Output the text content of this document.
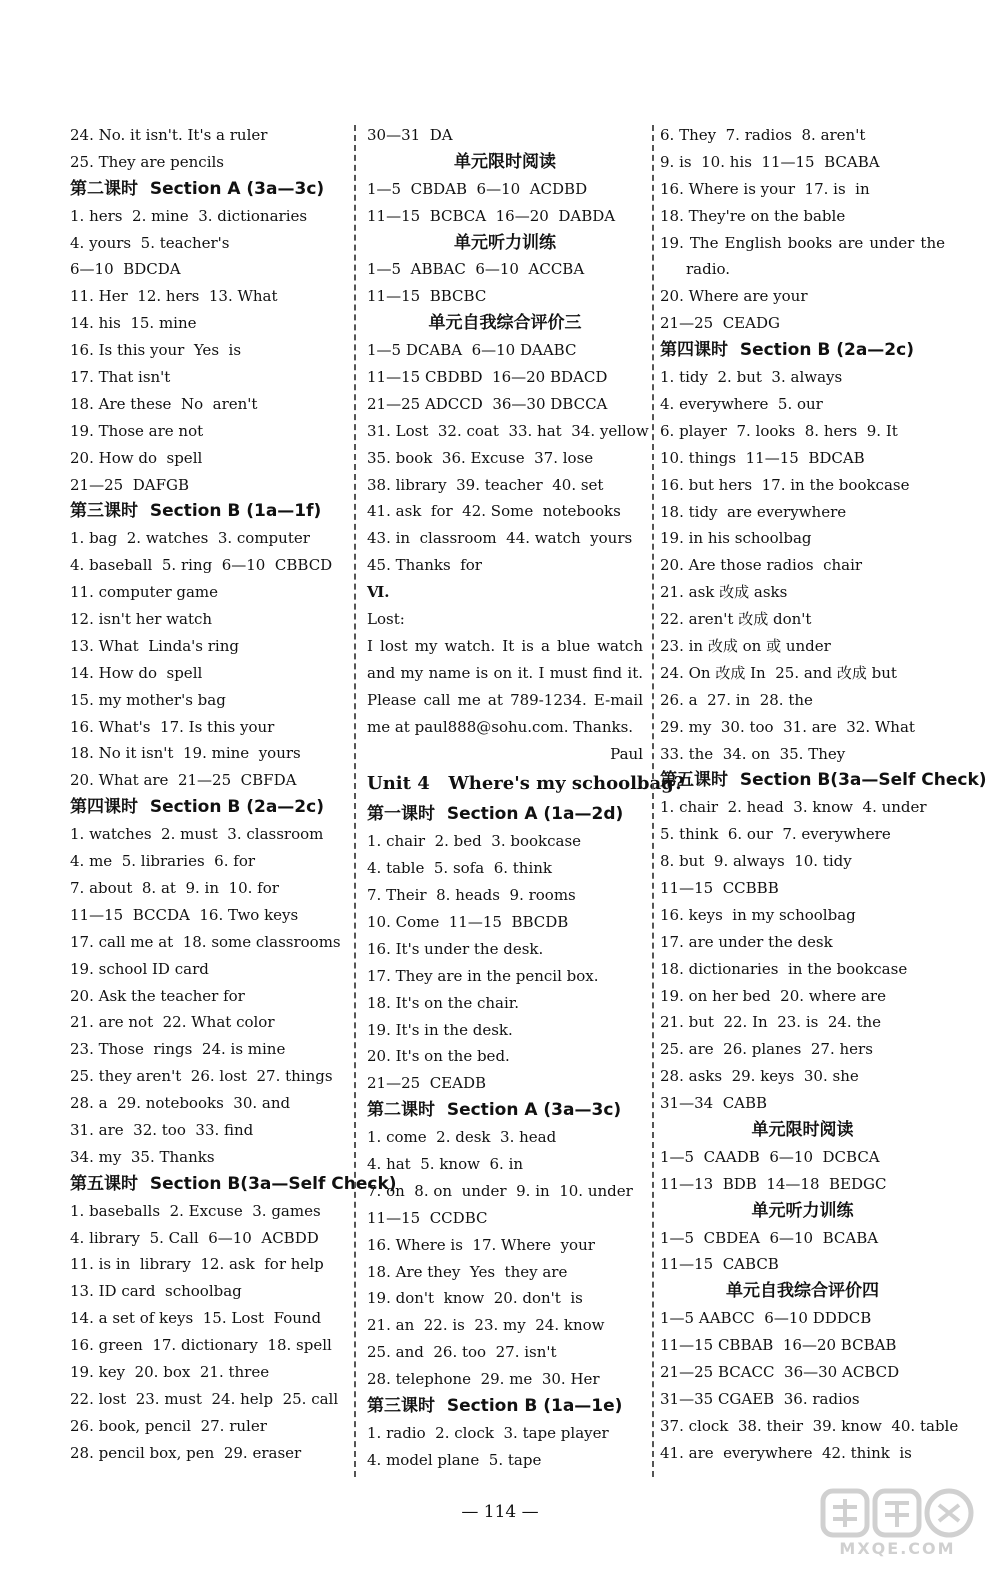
24. No. it isn't. It's a ruler
25. They are pencils
第二课时  Section A (3a—3c)
1. hers  2. mine  3. dictionaries
4. yours  5. teacher's
6—10  BDCDA
11. Her  12. hers  13. What
14. his  15. mine
16. Is this your  Yes  is
17. That isn't
18. Are these  No  aren't
19. Those are not
20. How do  spell
21—25  DAFGB
第三课时  Section B (1a—1f)
1. bag  2. watches  3. computer
4. baseball  5. ring  6—10  CBBCD
11. computer game
12. isn't her watch
13. What  Linda's ring
14. How do  spell
15. my mother's bag
16. What's  17. Is this your
18. No it isn't  19. mine  yours
20. What are  21—25  CBFDA
第四课时  Section B (2a—2c)
1. watches  2. must  3. classroom
4. me  5. libraries  6. for
7. about  8. at  9. in  10. for
11—15  BCCDA  16. Two keys
17. call me at  18. some classrooms
19. school ID card
20. Ask the teacher for
21. are not  22. What color
23. Those  rings  24. is mine
25. they aren't  26. lost  27. things
28. a  29. notebooks  30. and
31. are  32. too  33. find
34. my  35. Thanks
第五课时  Section B(3a—Self Check)
1. baseballs  2. Excuse  3. games
4. library  5. Call  6—10  ACBDD
11. is in  library  12. ask  for help
13. ID card  schoolbag
14. a set of keys  15. Lost  Found
16. green  17. dictionary  18. spell
19. key  20. box  21. three
22. lost  23. must  24. help  25. call
26. book, pencil  27. ruler
28. pencil box, pen  29. eraser
30—31  DA
单元限时阅读
1—5  CBDAB  6—10  ACDBD
11—15  BCBCA  16—20  DABDA
单元听力训练
1—5  ABBAC  6—10  ACCBA
11—15  BBCBC
单元自我综合评价三
1—5 DCABA  6—10 DAABC
11—15 CBDBD  16—20 BDACD
21—25 ADCCD  36—30 DBCCA
31. Lost  32. coat  33. hat  34. yellow
35. book  36. Excuse  37. lose
38. library  39. teacher  40. set
41. ask  for  42. Some  notebooks
43. in  classroom  44. watch  yours
45. Thanks  for
Ⅵ.
Lost:
I lost my watch. It is a blue watch and my name is on it. I must find it. Please call me at 789-1234. E-mail me at paul888@sohu.com. Thanks.
Paul
Unit 4   Where's my schoolbag?
第一课时  Section A (1a—2d)
1. chair  2. bed  3. bookcase
4. table  5. sofa  6. think
7. Their  8. heads  9. rooms
10. Come  11—15  BBCDB
16. It's under the desk.
17. They are in the pencil box.
18. It's on the chair.
19. It's in the desk.
20. It's on the bed.
21—25  CEADB
第二课时  Section A (3a—3c)
1. come  2. desk  3. head
4. hat  5. know  6. in
7. on  8. on  under  9. in  10. under
11—15  CCDBC
16. Where is  17. Where  your
18. Are they  Yes  they are
19. don't  know  20. don't  is
21. an  22. is  23. my  24. know
25. and  26. too  27. isn't
28. telephone  29. me  30. Her
第三课时  Section B (1a—1e)
1. radio  2. clock  3. tape player
4. model plane  5. tape
6. They  7. radios  8. aren't
9. is  10. his  11—15  BCABA
16. Where is your  17. is  in
18. They're on the bable
19. The English books are under the radio.
20. Where are your
21—25  CEADG
第四课时  Section B (2a—2c)
1. tidy  2. but  3. always
4. everywhere  5. our
6. player  7. looks  8. hers  9. It
10. things  11—15  BDCAB
16. but hers  17. in the bookcase
18. tidy  are everywhere
19. in his schoolbag
20. Are those radios  chair
21. ask 改成 asks
22. aren't 改成 don't
23. in 改成 on 或 under
24. On 改成 In  25. and 改成 but
26. a  27. in  28. the
29. my  30. too  31. are  32. What
33. the  34. on  35. They
第五课时  Section B(3a—Self Check)
1. chair  2. head  3. know  4. under
5. think  6. our  7. everywhere
8. but  9. always  10. tidy
11—15  CCBBB
16. keys  in my schoolbag
17. are under the desk
18. dictionaries  in the bookcase
19. on her bed  20. where are
21. but  22. In  23. is  24. the
25. are  26. planes  27. hers
28. asks  29. keys  30. she
31—34  CABB
单元限时阅读
1—5  CAADB  6—10  DCBCA
11—13  BDB  14—18  BEDGC
单元听力训练
1—5  CBDEA  6—10  BCABA
11—15  CABCB
单元自我综合评价四
1—5 AABCC  6—10 DDDCB
11—15 CBBAB  16—20 BCBAB
21—25 BCACC  36—30 ACBCD
31—35 CGAEB  36. radios
37. clock  38. their  39. know  40. table
41. are  everywhere  42. think  is
— 114 —
MXQE.COM
